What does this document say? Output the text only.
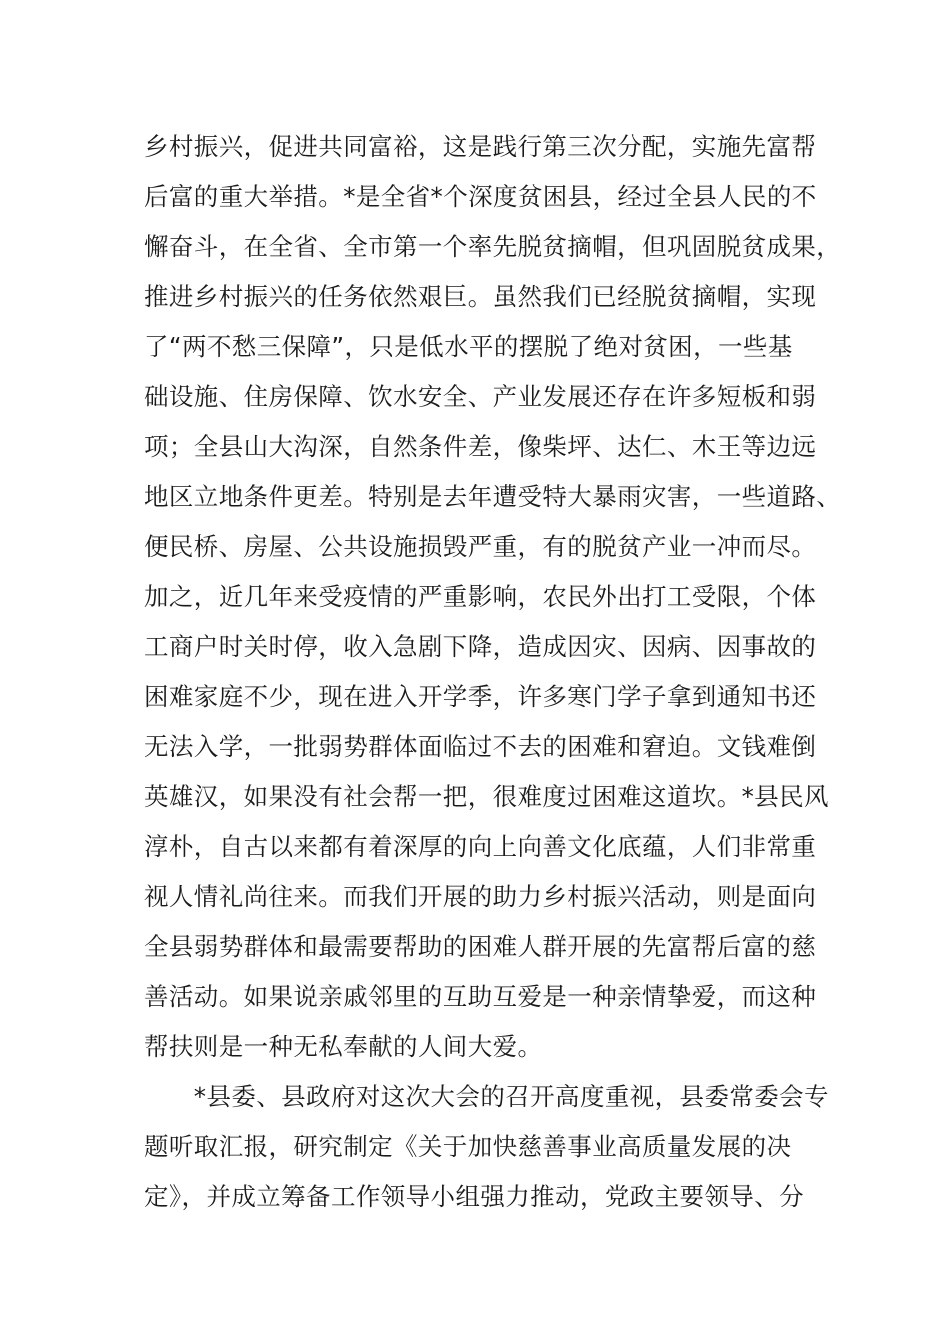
乡村振兴，促进共同富裕，这是践行第三次分配，实施先富帮
后富的重大举措。*是全省*个深度贫困县，经过全县人民的不
懈奋斗，在全省、全市第一个率先脱贫摘帽，但巩固脱贫成果，
推进乡村振兴的任务依然艰巨。虽然我们已经脱贫摘帽，实现
了“两不愁三保障”，只是低水平的摆脱了绝对贫困，一些基
础设施、住房保障、饮水安全、产业发展还存在许多短板和弱
项；全县山大沟深，自然条件差，像柴坪、达仁、木王等边远
地区立地条件更差。特别是去年遭受特大暴雨灾害，一些道路、
便民桥、房屋、公共设施损毁严重，有的脱贫产业一冲而尽。
加之，近几年来受疫情的严重影响，农民外出打工受限，个体
工商户时关时停，收入急剧下降，造成因灾、因病、因事故的
困难家庭不少，现在进入开学季，许多寒门学子拿到通知书还
无法入学，一批弱势群体面临过不去的困难和窘迫。文钱难倒
英雄汉，如果没有社会帮一把，很难度过困难这道坎。*县民风
淳朴，自古以来都有着深厚的向上向善文化底蕴，人们非常重
视人情礼尚往来。而我们开展的助力乡村振兴活动，则是面向
全县弱势群体和最需要帮助的困难人群开展的先富帮后富的慈
善活动。如果说亲戚邻里的互助互爱是一种亲情挚爱，而这种
帮扶则是一种无私奉献的人间大爱。
　　*县委、县政府对这次大会的召开高度重视，县委常委会专
题听取汇报，研究制定《关于加快慈善事业高质量发展的决
定》，并成立筹备工作领导小组强力推动，党政主要领导、分
